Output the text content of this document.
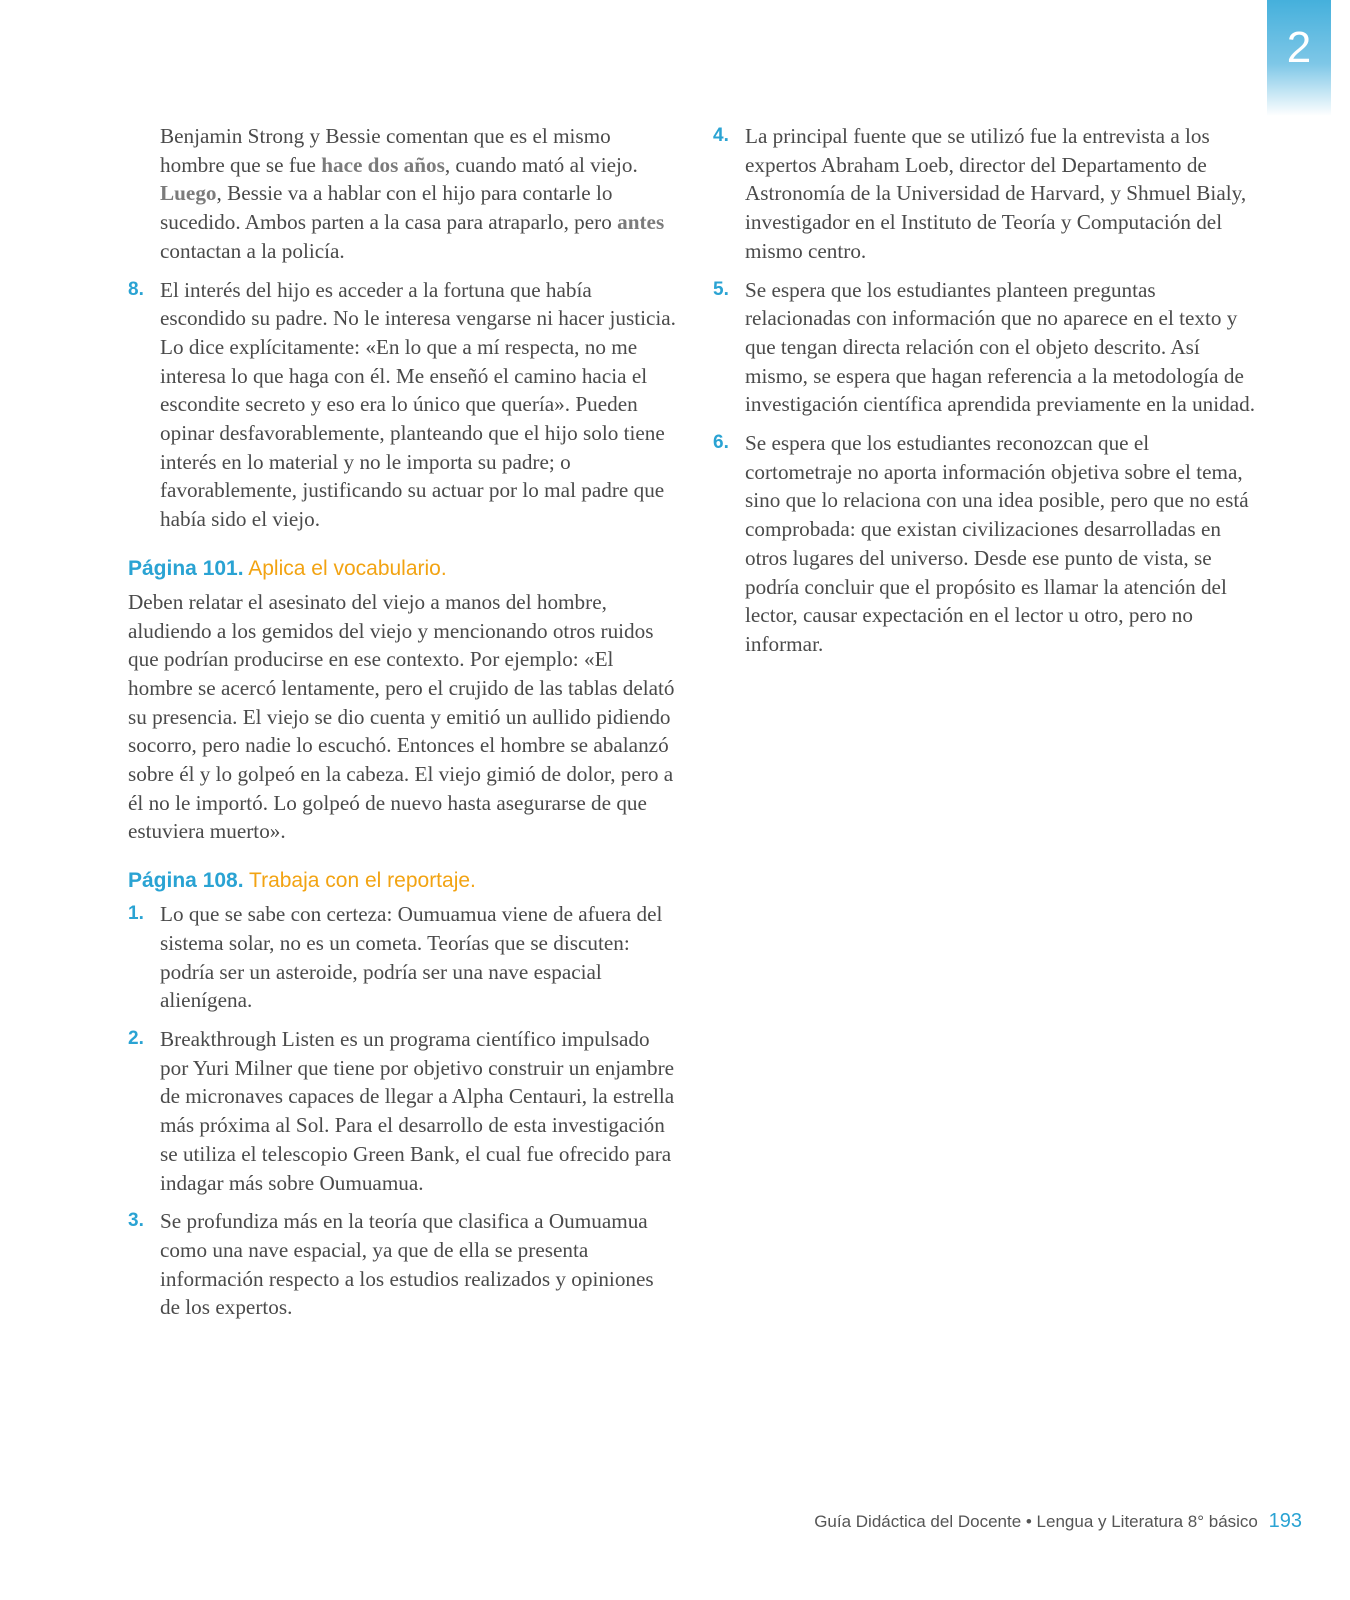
2
Benjamin Strong y Bessie comentan que es el mismo hombre que se fue hace dos años, cuando mató al viejo. Luego, Bessie va a hablar con el hijo para contarle lo sucedido. Ambos parten a la casa para atraparlo, pero antes contactan a la policía.
8. El interés del hijo es acceder a la fortuna que había escondido su padre. No le interesa vengarse ni hacer justicia. Lo dice explícitamente: «En lo que a mí respecta, no me interesa lo que haga con él. Me enseñó el camino hacia el escondite secreto y eso era lo único que quería». Pueden opinar desfavorablemente, planteando que el hijo solo tiene interés en lo material y no le importa su padre; o favorablemente, justificando su actuar por lo mal padre que había sido el viejo.
Página 101. Aplica el vocabulario.

Deben relatar el asesinato del viejo a manos del hombre, aludiendo a los gemidos del viejo y mencionando otros ruidos que podrían producirse en ese contexto. Por ejemplo: «El hombre se acercó lentamente, pero el crujido de las tablas delató su presencia. El viejo se dio cuenta y emitió un aullido pidiendo socorro, pero nadie lo escuchó. Entonces el hombre se abalanzó sobre él y lo golpeó en la cabeza. El viejo gimió de dolor, pero a él no le importó. Lo golpeó de nuevo hasta asegurarse de que estuviera muerto».

Página 108. Trabaja con el reportaje.
1. Lo que se sabe con certeza: Oumuamua viene de afuera del sistema solar, no es un cometa. Teorías que se discuten: podría ser un asteroide, podría ser una nave espacial alienígena.
2. Breakthrough Listen es un programa científico impulsado por Yuri Milner que tiene por objetivo construir un enjambre de micronaves capaces de llegar a Alpha Centauri, la estrella más próxima al Sol. Para el desarrollo de esta investigación se utiliza el telescopio Green Bank, el cual fue ofrecido para indagar más sobre Oumuamua.
3. Se profundiza más en la teoría que clasifica a Oumuamua como una nave espacial, ya que de ella se presenta información respecto a los estudios realizados y opiniones de los expertos.
4. La principal fuente que se utilizó fue la entrevista a los expertos Abraham Loeb, director del Departamento de Astronomía de la Universidad de Harvard, y Shmuel Bialy, investigador en el Instituto de Teoría y Computación del mismo centro.
5. Se espera que los estudiantes planteen preguntas relacionadas con información que no aparece en el texto y que tengan directa relación con el objeto descrito. Así mismo, se espera que hagan referencia a la metodología de investigación científica aprendida previamente en la unidad.
6. Se espera que los estudiantes reconozcan que el cortometraje no aporta información objetiva sobre el tema, sino que lo relaciona con una idea posible, pero que no está comprobada: que existan civilizaciones desarrolladas en otros lugares del universo. Desde ese punto de vista, se podría concluir que el propósito es llamar la atención del lector, causar expectación en el lector u otro, pero no informar.
Guía Didáctica del Docente • Lengua y Literatura 8° básico 193
